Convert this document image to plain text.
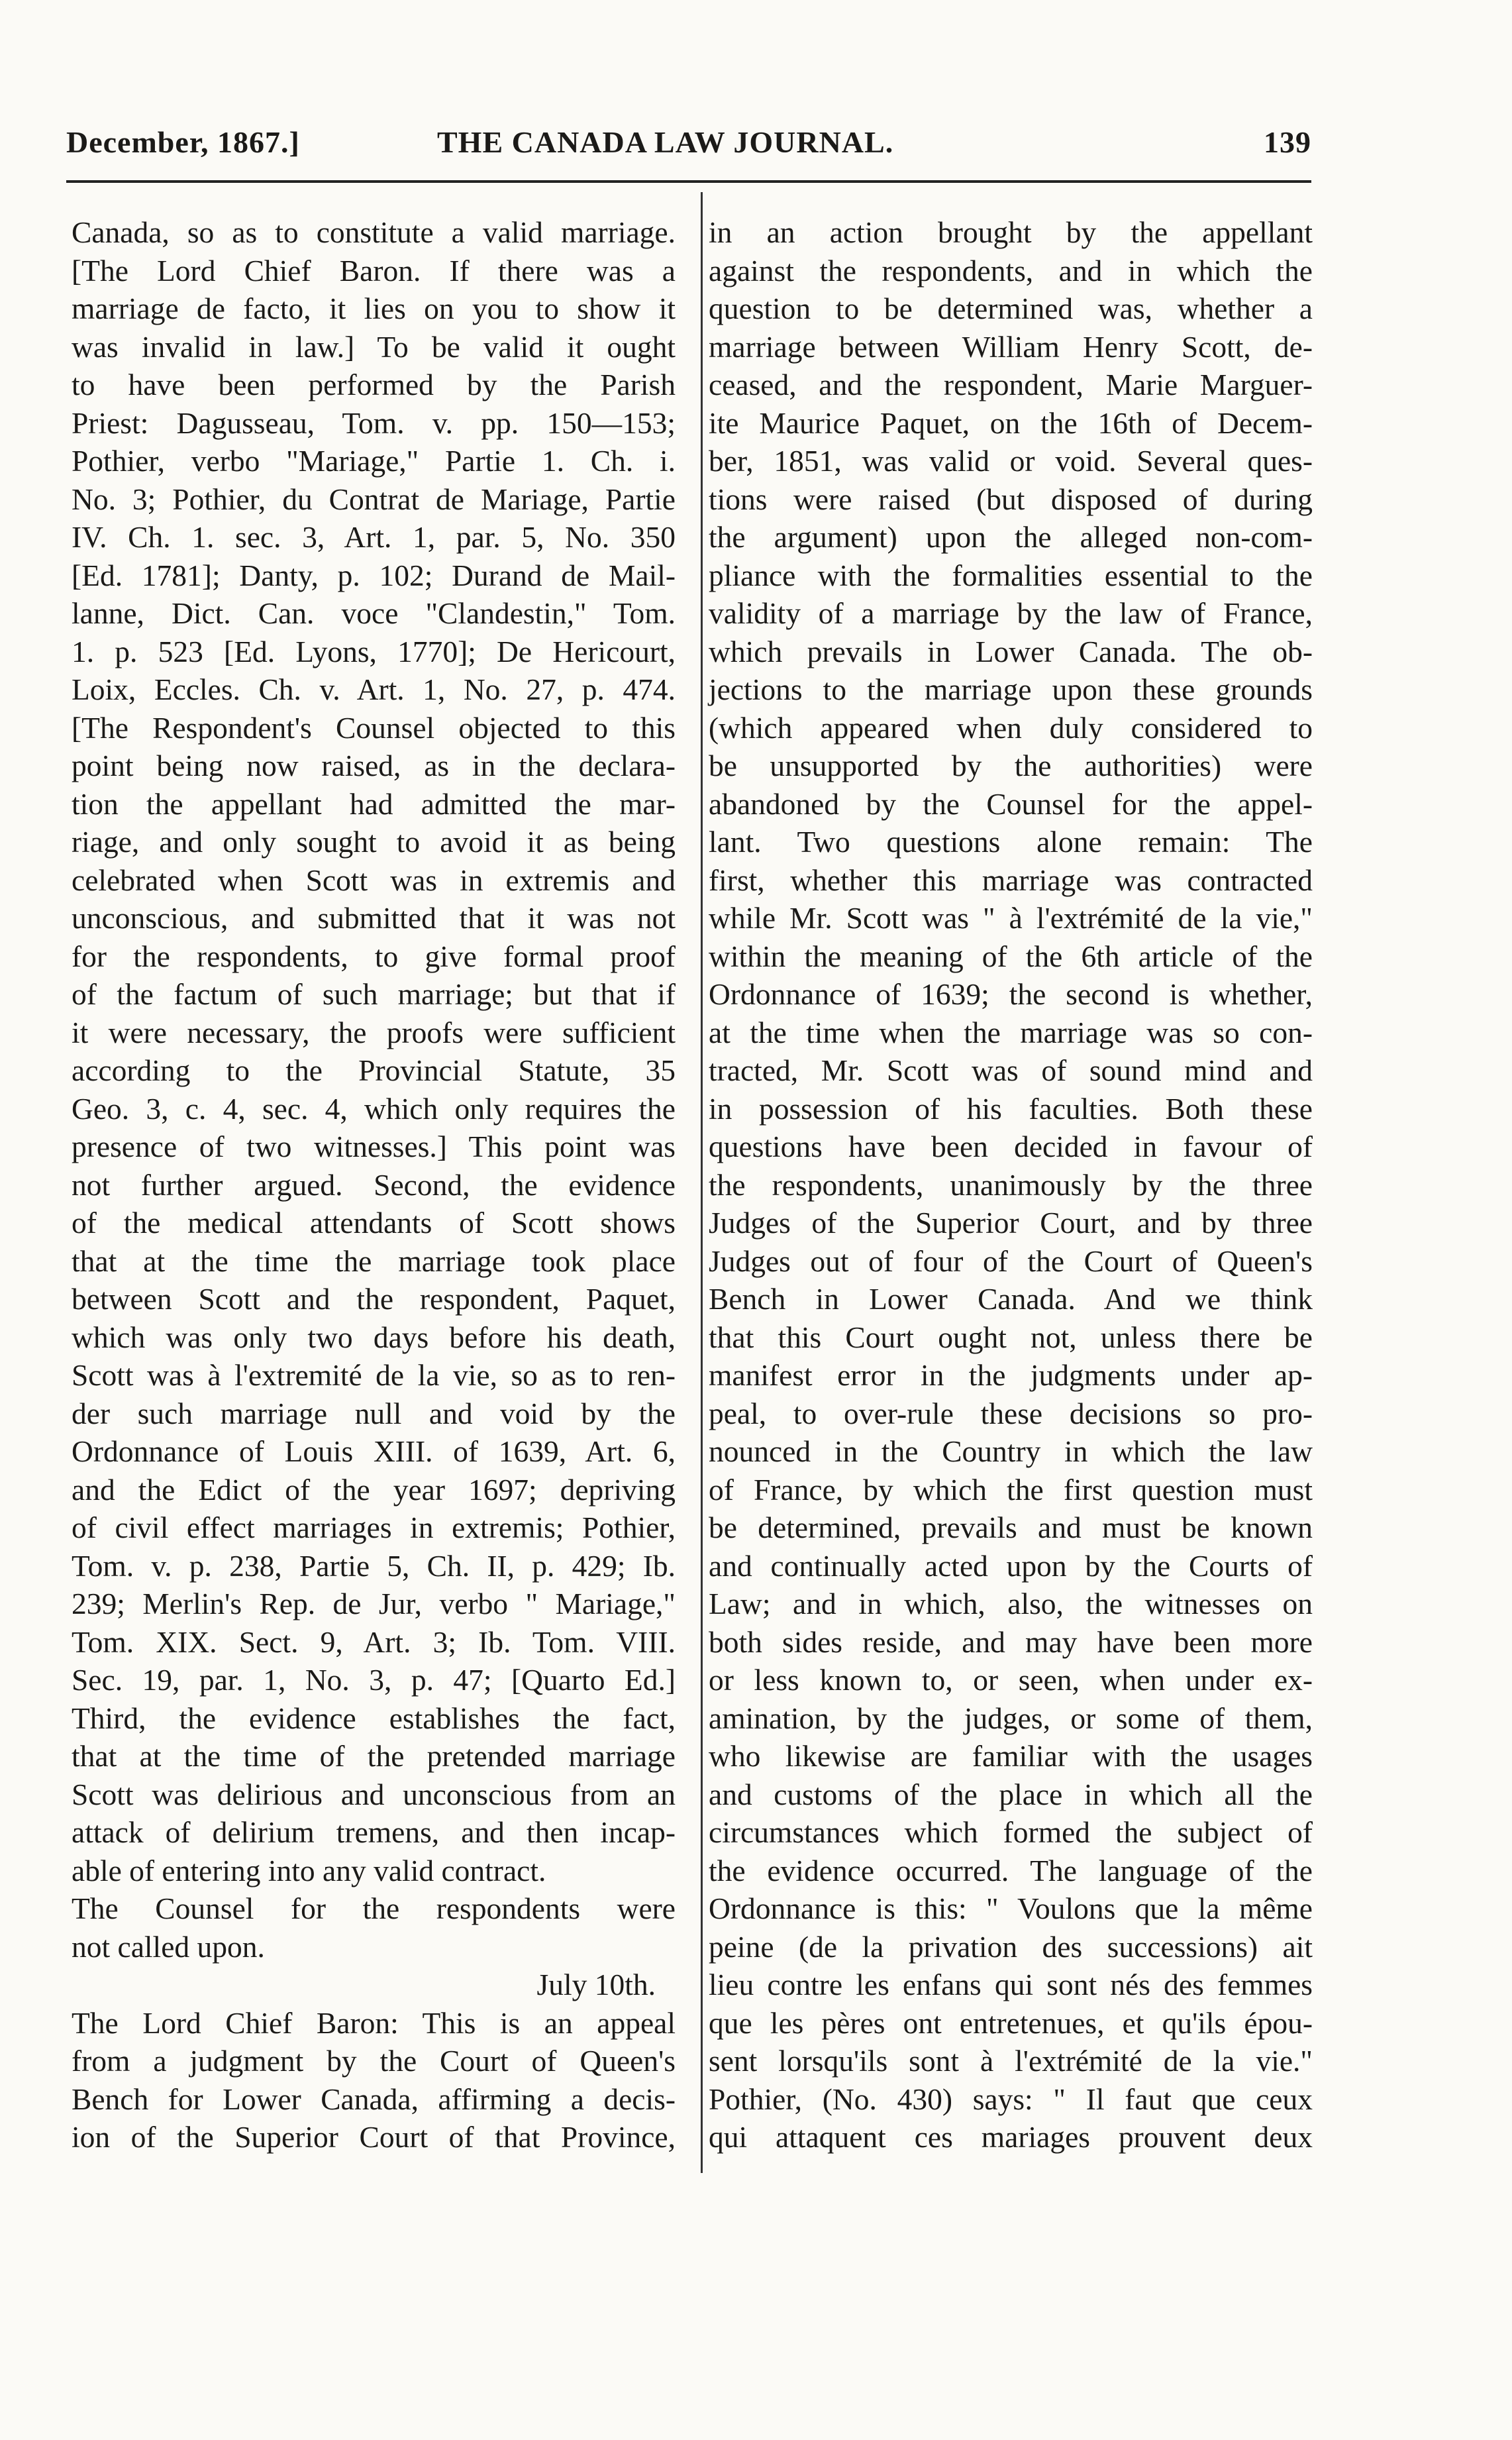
December, 1867.]	THE CANADA LAW JOURNAL.	139
Canada, so as to constitute a valid marriage.
[The Lord Chief Baron. If there was a
marriage de facto, it lies on you to show it
was invalid in law.] To be valid it ought
to have been performed by the Parish
Priest: Dagusseau, Tom. v. pp. 150—153;
Pothier, verbo "Mariage," Partie 1. Ch. i.
No. 3; Pothier, du Contrat de Mariage, Partie
IV. Ch. 1. sec. 3, Art. 1, par. 5, No. 350
[Ed. 1781]; Danty, p. 102; Durand de Mail-
lanne, Dict. Can. voce "Clandestin," Tom.
1. p. 523 [Ed. Lyons, 1770]; De Hericourt,
Loix, Eccles. Ch. v. Art. 1, No. 27, p. 474.
[The Respondent's Counsel objected to this
point being now raised, as in the declara-
tion the appellant had admitted the mar-
riage, and only sought to avoid it as being
celebrated when Scott was in extremis and
unconscious, and submitted that it was not
for the respondents, to give formal proof
of the factum of such marriage; but that if
it were necessary, the proofs were sufficient
according to the Provincial Statute, 35
Geo. 3, c. 4, sec. 4, which only requires the
presence of two witnesses.] This point was
not further argued. Second, the evidence
of the medical attendants of Scott shows
that at the time the marriage took place
between Scott and the respondent, Paquet,
which was only two days before his death,
Scott was à l'extremité de la vie, so as to ren-
der such marriage null and void by the
Ordonnance of Louis XIII. of 1639, Art. 6,
and the Edict of the year 1697; depriving
of civil effect marriages in extremis; Pothier,
Tom. v. p. 238, Partie 5, Ch. II, p. 429; Ib.
239; Merlin's Rep. de Jur, verbo " Mariage,"
Tom. XIX. Sect. 9, Art. 3; Ib. Tom. VIII.
Sec. 19, par. 1, No. 3, p. 47; [Quarto Ed.]
Third, the evidence establishes the fact,
that at the time of the pretended marriage
Scott was delirious and unconscious from an
attack of delirium tremens, and then incap-
able of entering into any valid contract.
The Counsel for the respondents were
not called upon.
July 10th.
The Lord Chief Baron: This is an appeal
from a judgment by the Court of Queen's
Bench for Lower Canada, affirming a decis-
ion of the Superior Court of that Province,
in an action brought by the appellant
against the respondents, and in which the
question to be determined was, whether a
marriage between William Henry Scott, de-
ceased, and the respondent, Marie Marguer-
ite Maurice Paquet, on the 16th of Decem-
ber, 1851, was valid or void. Several ques-
tions were raised (but disposed of during
the argument) upon the alleged non-com-
pliance with the formalities essential to the
validity of a marriage by the law of France,
which prevails in Lower Canada. The ob-
jections to the marriage upon these grounds
(which appeared when duly considered to
be unsupported by the authorities) were
abandoned by the Counsel for the appel-
lant. Two questions alone remain: The
first, whether this marriage was contracted
while Mr. Scott was " à l'extrémité de la vie,"
within the meaning of the 6th article of the
Ordonnance of 1639; the second is whether,
at the time when the marriage was so con-
tracted, Mr. Scott was of sound mind and
in possession of his faculties. Both these
questions have been decided in favour of
the respondents, unanimously by the three
Judges of the Superior Court, and by three
Judges out of four of the Court of Queen's
Bench in Lower Canada. And we think
that this Court ought not, unless there be
manifest error in the judgments under ap-
peal, to over-rule these decisions so pro-
nounced in the Country in which the law
of France, by which the first question must
be determined, prevails and must be known
and continually acted upon by the Courts of
Law; and in which, also, the witnesses on
both sides reside, and may have been more
or less known to, or seen, when under ex-
amination, by the judges, or some of them,
who likewise are familiar with the usages
and customs of the place in which all the
circumstances which formed the subject of
the evidence occurred. The language of the
Ordonnance is this: " Voulons que la même
peine (de la privation des successions) ait
lieu contre les enfans qui sont nés des femmes
que les pères ont entretenues, et qu'ils épou-
sent lorsqu'ils sont à l'extrémité de la vie."
Pothier, (No. 430) says: " Il faut que ceux
qui attaquent ces mariages prouvent deux
